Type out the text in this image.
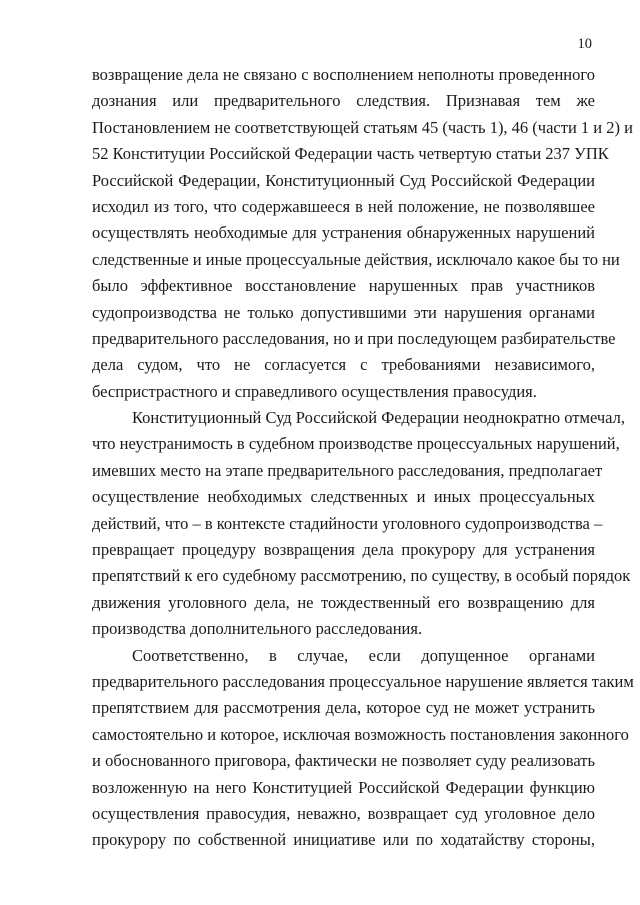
10
возвращение дела не связано с восполнением неполноты проведенного
дознания или предварительного следствия. Признавая тем же
Постановлением не соответствующей статьям 45 (часть 1), 46 (части 1 и 2) и
52 Конституции Российской Федерации часть четвертую статьи 237 УПК
Российской Федерации, Конституционный Суд Российской Федерации
исходил из того, что содержавшееся в ней положение, не позволявшее
осуществлять необходимые для устранения обнаруженных нарушений
следственные и иные процессуальные действия, исключало какое бы то ни
было эффективное восстановление нарушенных прав участников
судопроизводства не только допустившими эти нарушения органами
предварительного расследования, но и при последующем разбирательстве
дела судом, что не согласуется с требованиями независимого,
беспристрастного и справедливого осуществления правосудия.
Конституционный Суд Российской Федерации неоднократно отмечал,
что неустранимость в судебном производстве процессуальных нарушений,
имевших место на этапе предварительного расследования, предполагает
осуществление необходимых следственных и иных процессуальных
действий, что – в контексте стадийности уголовного судопроизводства –
превращает процедуру возвращения дела прокурору для устранения
препятствий к его судебному рассмотрению, по существу, в особый порядок
движения уголовного дела, не тождественный его возвращению для
производства дополнительного расследования.
Соответственно, в случае, если допущенное органами
предварительного расследования процессуальное нарушение является таким
препятствием для рассмотрения дела, которое суд не может устранить
самостоятельно и которое, исключая возможность постановления законного
и обоснованного приговора, фактически не позволяет суду реализовать
возложенную на него Конституцией Российской Федерации функцию
осуществления правосудия, неважно, возвращает суд уголовное дело
прокурору по собственной инициативе или по ходатайству стороны,
